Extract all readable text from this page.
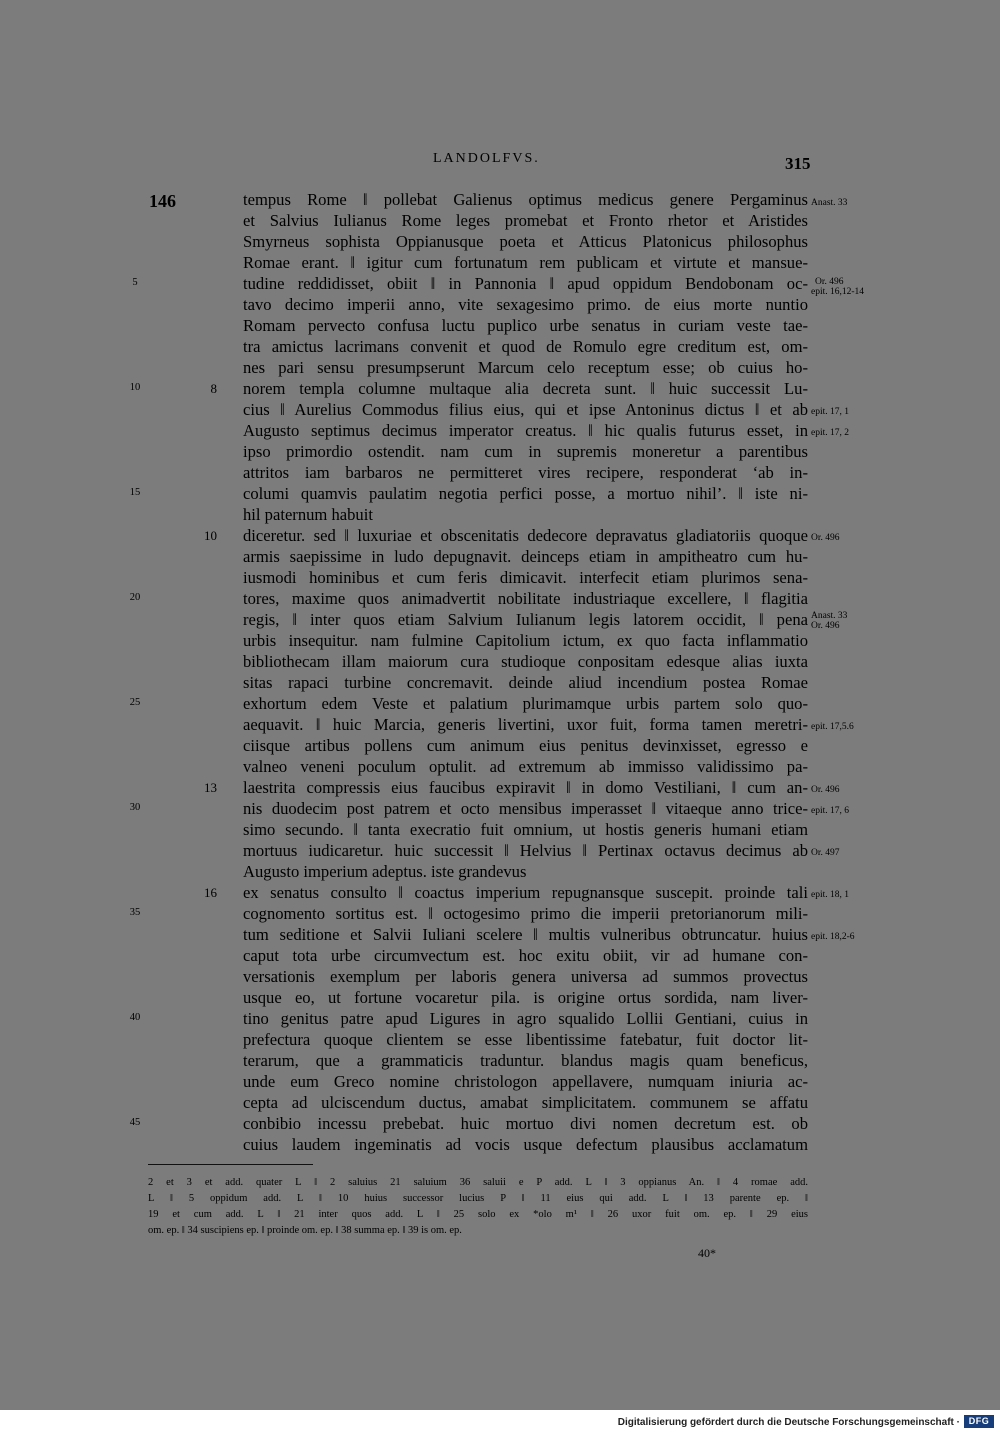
LANDOLFVS.	315
146	tempus Rome ‖ pollebat Galienus optimus medicus genere Pergaminus
et Salvius Iulianus Rome leges promebat et Fronto rhetor et Aristides
Smyrneus sophista Oppianusque poeta et Atticus Platonicus philosophus
Romae erant. ‖ igitur cum fortunatum rem publicam et virtute et mansue-
tudine reddidisset, obiit ‖ in Pannonia ‖ apud oppidum Bendobonam oc-
tavo decimo imperii anno, vite sexagesimo primo. de eius morte nuntio
Romam pervecto confusa luctu puplico urbe senatus in curiam veste tae-
tra amictus lacrimans convenit et quod de Romulo egre creditum est, om-
nes pari sensu presumpserunt Marcum celo receptum esse; ob cuius ho-
norem templa columne multaque alia decreta sunt. ‖ huic successit Lu-
cius ‖ Aurelius Commodus filius eius, qui et ipse Antoninus dictus ‖ et ab
Augusto septimus decimus imperator creatus. ‖ hic qualis futurus esset, in
ipso primordio ostendit. nam cum in supremis moneretur a parentibus
attritos iam barbaros ne permitteret vires recipere, responderat ‘ab in-
columi quamvis paulatim negotia perfici posse, a mortuo nihil’. ‖ iste ni-
hil paternum habuit
diceretur. sed ‖ luxuriae et obscenitatis dedecore depravatus gladiatoriis quoque
armis saepissime in ludo depugnavit. deinceps etiam in ampitheatro cum hu-
iusmodi hominibus et cum feris dimicavit. interfecit etiam plurimos sena-
tores, maxime quos animadvertit nobilitate industriaque excellere, ‖ flagitia
regis, ‖ inter quos etiam Salvium Iulianum legis latorem occidit, ‖ pena
urbis insequitur. nam fulmine Capitolium ictum, ex quo facta inflammatio
bibliothecam illam maiorum cura studioque conpositam edesque alias iuxta
sitas rapaci turbine concremavit. deinde aliud incendium postea Romae
exhortum edem Veste et palatium plurimamque urbis partem solo quo-
aequavit. ‖ huic Marcia, generis livertini, uxor fuit, forma tamen meretri-
ciisque artibus pollens cum animum eius penitus devinxisset, egresso e
valneo veneni poculum optulit. ad extremum ab immisso validissimo pa-
laestrita compressis eius faucibus expiravit ‖ in domo Vestiliani, ‖ cum an-
nis duodecim post patrem et octo mensibus imperasset ‖ vitaeque anno trice-
simo secundo. ‖ tanta execratio fuit omnium, ut hostis generis humani etiam
mortuus iudicaretur. huic successit ‖ Helvius ‖ Pertinax octavus decimus ab
Augusto imperium adeptus. iste grandevus
ex senatus consulto ‖ coactus imperium repugnansque suscepit. proinde tali
cognomento sortitus est. ‖ octogesimo primo die imperii pretorianorum mili-
tum seditione et Salvii Iuliani scelere ‖ multis vulneribus obtruncatur. huius
caput tota urbe circumvectum est. hoc exitu obiit, vir ad humane con-
versationis exemplum per laboris genera universa ad summos provectus
usque eo, ut fortune vocaretur pila. is origine ortus sordida, nam liver-
tino genitus patre apud Ligures in agro squalido Lollii Gentiani, cuius in
prefectura quoque clientem se esse libentissime fatebatur, fuit doctor lit-
terarum, que a grammaticis traduntur. blandus magis quam beneficus,
unde eum Greco nomine christologon appellavere, numquam iniuria ac-
cepta ad ulciscendum ductus, amabat simplicitatem. communem se affatu
conbibio incessu prebebat. huic mortuo divi nomen decretum est. ob
cuius laudem ingeminatis ad vocis usque defectum plausibus acclamatum
5
10
15
20
25
30
35
40
45
8
10
13
16
Anast. 33
Or. 496
epit. 16,12-14
epit. 17, 1
epit. 17, 2
Or. 496
Anast. 33
Or. 496
epit. 17,5.6
Or. 496
epit. 17, 6
Or. 497
epit. 18, 1
epit. 18,2-6
2 et 3 et add. quater L ‖ 2 saluius 21 saluium 36 saluii e P add. L ‖ 3 oppianus An. ‖ 4 romae add.
L ‖ 5 oppidum add. L ‖ 10 huius successor lucius P ‖ 11 eius qui add. L ‖ 13 parente ep. ‖
19 et cum add. L ‖ 21 inter quos add. L ‖ 25 solo ex *olo m¹ ‖ 26 uxor fuit om. ep. ‖ 29 eius
om. ep. ‖ 34 suscipiens ep. ‖ proinde om. ep. ‖ 38 summa ep. ‖ 39 is om. ep.
40*
Digitalisierung gefördert durch die Deutsche Forschungsgemeinschaft · DFG
